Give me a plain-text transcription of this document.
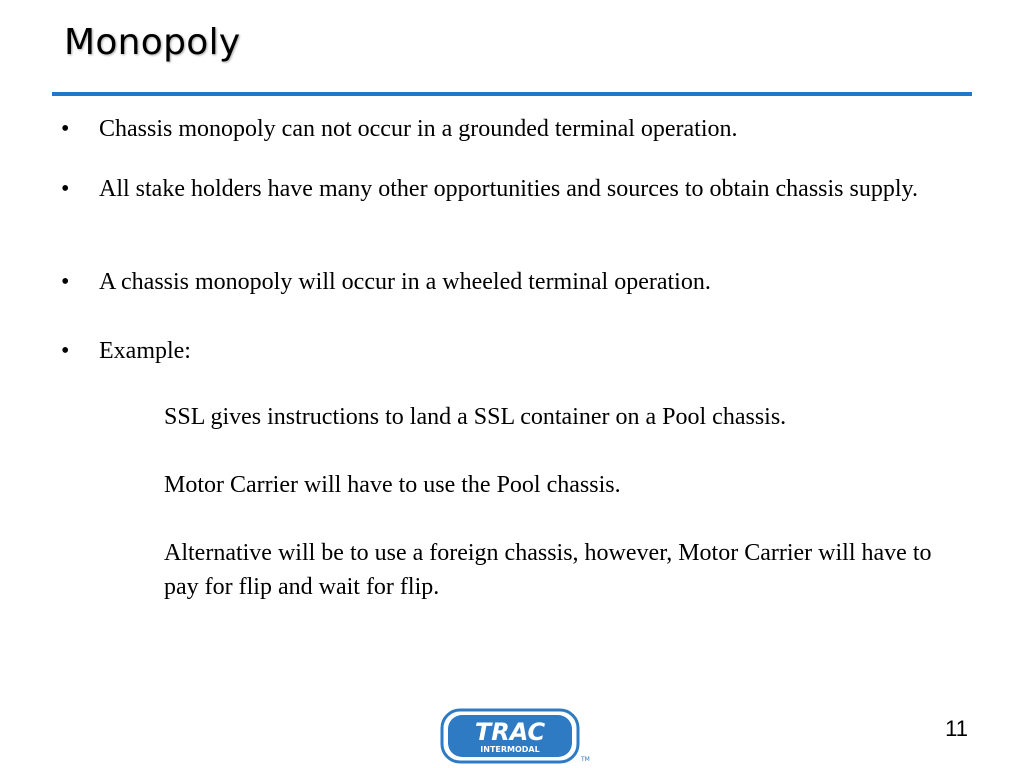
Monopoly
• Chassis monopoly can not occur in a grounded terminal operation.
• All stake holders have many other opportunities and sources to obtain chassis supply.
• A chassis monopoly will occur in a wheeled terminal operation.
• Example:
SSL gives instructions to land a SSL container on a Pool chassis.
Motor Carrier will have to use the Pool chassis.
Alternative will be to use a foreign chassis, however, Motor Carrier will have to pay for flip and wait for flip.
TRAC
INTERMODAL
TM
11
